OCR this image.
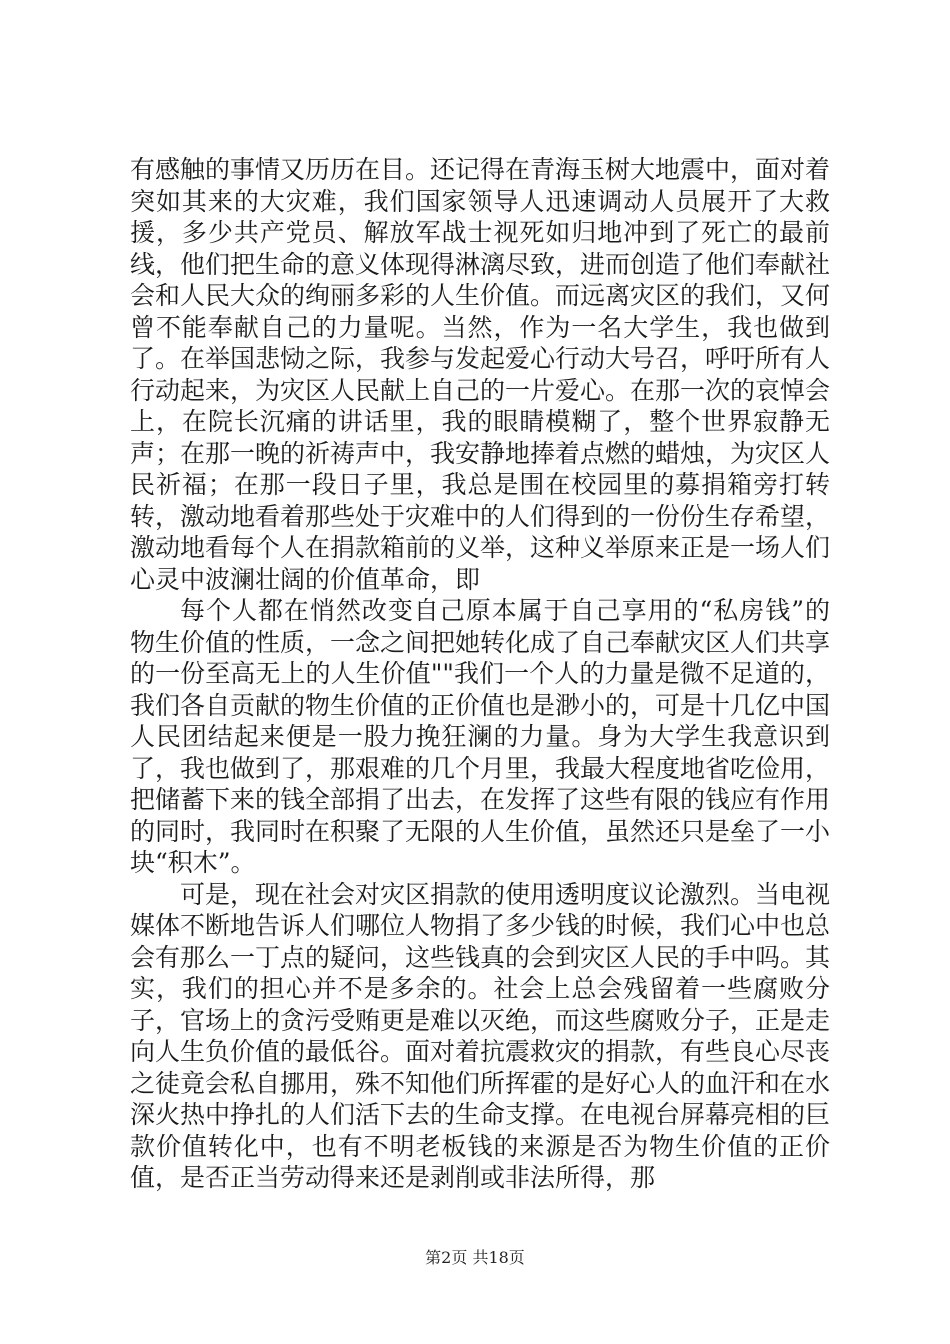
有感触的事情又历历在目。还记得在青海玉树大地震中，面对着突如其来的大灾难，我们国家领导人迅速调动人员展开了大救援，多少共产党员、解放军战士视死如归地冲到了死亡的最前线，他们把生命的意义体现得淋漓尽致，进而创造了他们奉献社会和人民大众的绚丽多彩的人生价值。而远离灾区的我们，又何曾不能奉献自己的力量呢。当然，作为一名大学生，我也做到了。在举国悲恸之际，我参与发起爱心行动大号召，呼吁所有人行动起来，为灾区人民献上自己的一片爱心。在那一次的哀悼会上，在院长沉痛的讲话里，我的眼睛模糊了，整个世界寂静无声；在那一晚的祈祷声中，我安静地捧着点燃的蜡烛，为灾区人民祈福；在那一段日子里，我总是围在校园里的募捐箱旁打转转，激动地看着那些处于灾难中的人们得到的一份份生存希望，激动地看每个人在捐款箱前的义举，这种义举原来正是一场人们心灵中波澜壮阔的价值革命，即

每个人都在悄然改变自己原本属于自己享用的“私房钱”的物生价值的性质，一念之间把她转化成了自己奉献灾区人们共享的一份至高无上的人生价值""我们一个人的力量是微不足道的，我们各自贡献的物生价值的正价值也是渺小的，可是十几亿中国人民团结起来便是一股力挽狂澜的力量。身为大学生我意识到了，我也做到了，那艰难的几个月里，我最大程度地省吃俭用，把储蓄下来的钱全部捐了出去，在发挥了这些有限的钱应有作用的同时，我同时在积聚了无限的人生价值，虽然还只是垒了一小块“积木”。

可是，现在社会对灾区捐款的使用透明度议论激烈。当电视媒体不断地告诉人们哪位人物捐了多少钱的时候，我们心中也总会有那么一丁点的疑问，这些钱真的会到灾区人民的手中吗。其实，我们的担心并不是多余的。社会上总会残留着一些腐败分子，官场上的贪污受贿更是难以灭绝，而这些腐败分子，正是走向人生负价值的最低谷。面对着抗震救灾的捐款，有些良心尽丧之徒竟会私自挪用，殊不知他们所挥霍的是好心人的血汗和在水深火热中挣扎的人们活下去的生命支撑。在电视台屏幕亮相的巨款价值转化中，也有不明老板钱的来源是否为物生价值的正价值，是否正当劳动得来还是剥削或非法所得，那

第2页 共18页
